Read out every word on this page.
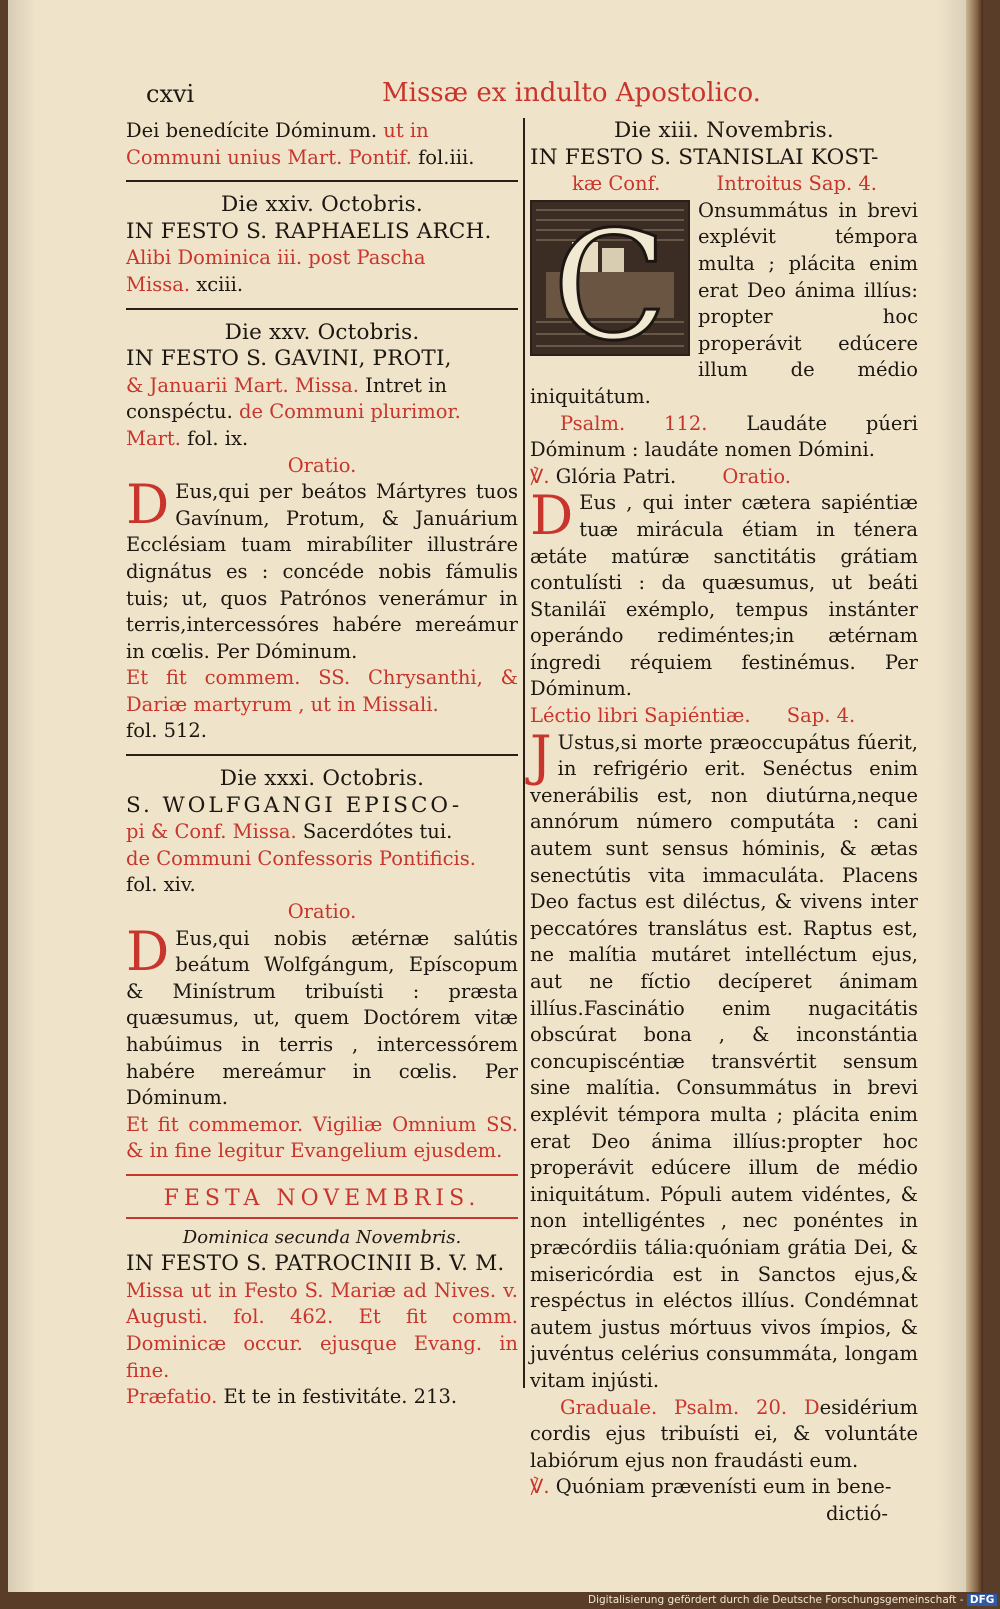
cxvi	Missæ ex indulto Apostolico.
Dei benedícite Dóminum. ut in
Communi unius Mart. Pontif. fol.iii.
Die xxiv. Octobris.
IN FESTO S. RAPHAELIS ARCH.
Alibi Dominica iii. post Pascha
Missa. xciii.
Die xxv. Octobris.
IN FESTO S. GAVINI, PROTI,
& Januarii Mart. Missa. Intret in
conspéctu. de Communi plurimor.
Mart. fol. ix.
Oratio.
D Eus,qui per beátos Mártyres tuos Gavínum, Protum, & Januárium Ecclésiam tuam mirabíliter illustráre dignátus es : concéde nobis fámulis tuis; ut, quos Patrónos venerámur in terris,intercessóres habére mereámur in cœlis. Per Dóminum.
Et fit commem. SS. Chrysanthi, & Dariæ martyrum , ut in Missali.
fol. 512.
Die xxxi. Octobris.
S. WOLFGANGI EPISCO-
pi & Conf. Missa. Sacerdótes tui.
de Communi Confessoris Pontificis.
fol. xiv.
Oratio.
D Eus,qui nobis ætérnæ salútis beátum Wolfgángum, Epíscopum & Minístrum tribuísti : præsta quæsumus, ut, quem Doctórem vitæ habúimus in terris , intercessórem habére mereámur in cœlis. Per Dóminum.
Et fit commemor. Vigiliæ Omnium SS. & in fine legitur Evangelium ejusdem.
FESTA NOVEMBRIS.
Dominica secunda Novembris.
IN FESTO S. PATROCINII B. V. M.
Missa ut in Festo S. Mariæ ad Nives. v. Augusti. fol. 462. Et fit comm. Dominicæ occur. ejusque Evang. in fine.
Præfatio. Et te in festivitáte. 213.
Die xiii. Novembris.
IN FESTO S. STANISLAI KOST-
kæ Conf.	Introitus Sap. 4.
C Onsummátus in brevi explévit témpora multa ; plácita enim erat Deo ánima illíus: propter hoc properávit edúcere illum de médio iniquitátum.
Psalm. 112. Laudáte púeri Dóminum : laudáte nomen Dómini.
℣. Glória Patri. Oratio.
D Eus , qui inter cætera sapiéntiæ tuæ mirácula étiam in ténera ætáte matúræ sanctitátis grátiam contulísti : da quæsumus, ut beáti Staniláï exémplo, tempus instánter operándo rediméntes;in ætérnam íngredi réquiem festinémus. Per Dóminum.
Léctio libri Sapiéntiæ. Sap. 4.
J Ustus,si morte præoccupátus fúerit, in refrigério erit. Senéctus enim venerábilis est, non diutúrna,neque annórum número computáta : cani autem sunt sensus hóminis, & ætas senectútis vita immaculáta. Placens Deo factus est diléctus, & vivens inter peccatóres translátus est. Raptus est, ne malítia mutáret intelléctum ejus, aut ne fíctio decíperet ánimam illíus.Fascinátio enim nugacitátis obscúrat bona , & inconstántia concupiscéntiæ transvértit sensum sine malítia. Consummátus in brevi explévit témpora multa ; plácita enim erat Deo ánima illíus:propter hoc properávit edúcere illum de médio iniquitátum. Pópuli autem vidéntes, & non intelligéntes , nec ponéntes in præcórdiis tália:quóniam grátia Dei, & misericórdia est in Sanctos ejus,& respéctus in eléctos illíus. Condémnat autem justus mórtuus vivos ímpios, & juvéntus celérius consummáta, longam vitam injústi.
Graduale. Psalm. 20. Desidérium cordis ejus tribuísti ei, & voluntáte labiórum ejus non fraudásti eum.
℣. Quóniam prævenísti eum in bene-
dictió-
Digitalisierung gefördert durch die Deutsche Forschungsgemeinschaft - DFG
